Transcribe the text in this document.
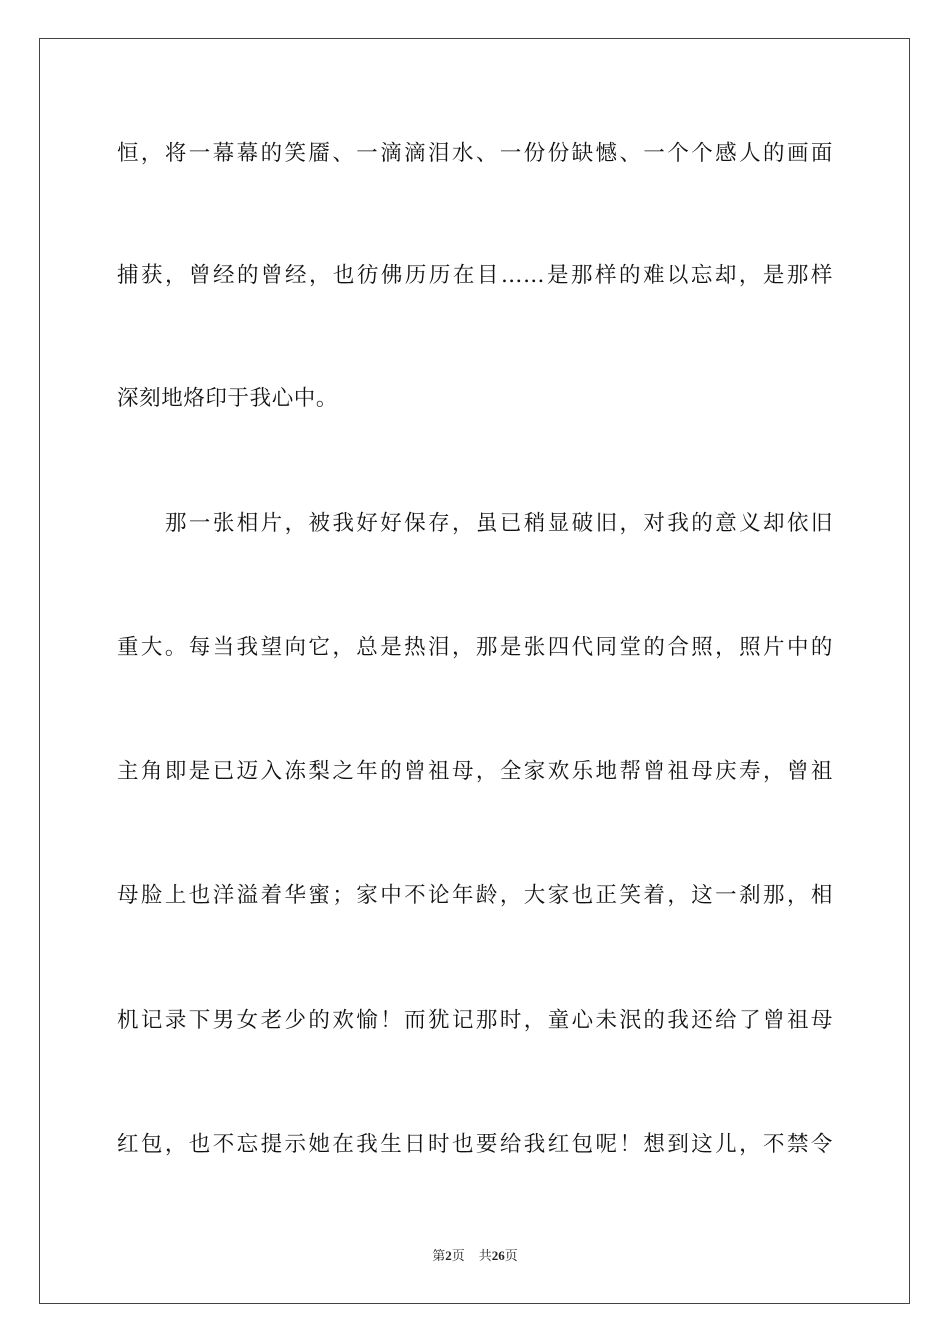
恒，将一幕幕的笑靥、一滴滴泪水、一份份缺憾、一个个感人的画面
捕获，曾经的曾经，也彷佛历历在目……是那样的难以忘却，是那样
深刻地烙印于我心中。
那一张相片，被我好好保存，虽已稍显破旧，对我的意义却依旧
重大。每当我望向它，总是热泪，那是张四代同堂的合照，照片中的
主角即是已迈入冻梨之年的曾祖母，全家欢乐地帮曾祖母庆寿，曾祖
母脸上也洋溢着华蜜；家中不论年龄，大家也正笑着，这一刹那，相
机记录下男女老少的欢愉！而犹记那时，童心未泯的我还给了曾祖母
红包，也不忘提示她在我生日时也要给我红包呢！想到这儿，不禁令
第2页 共26页
